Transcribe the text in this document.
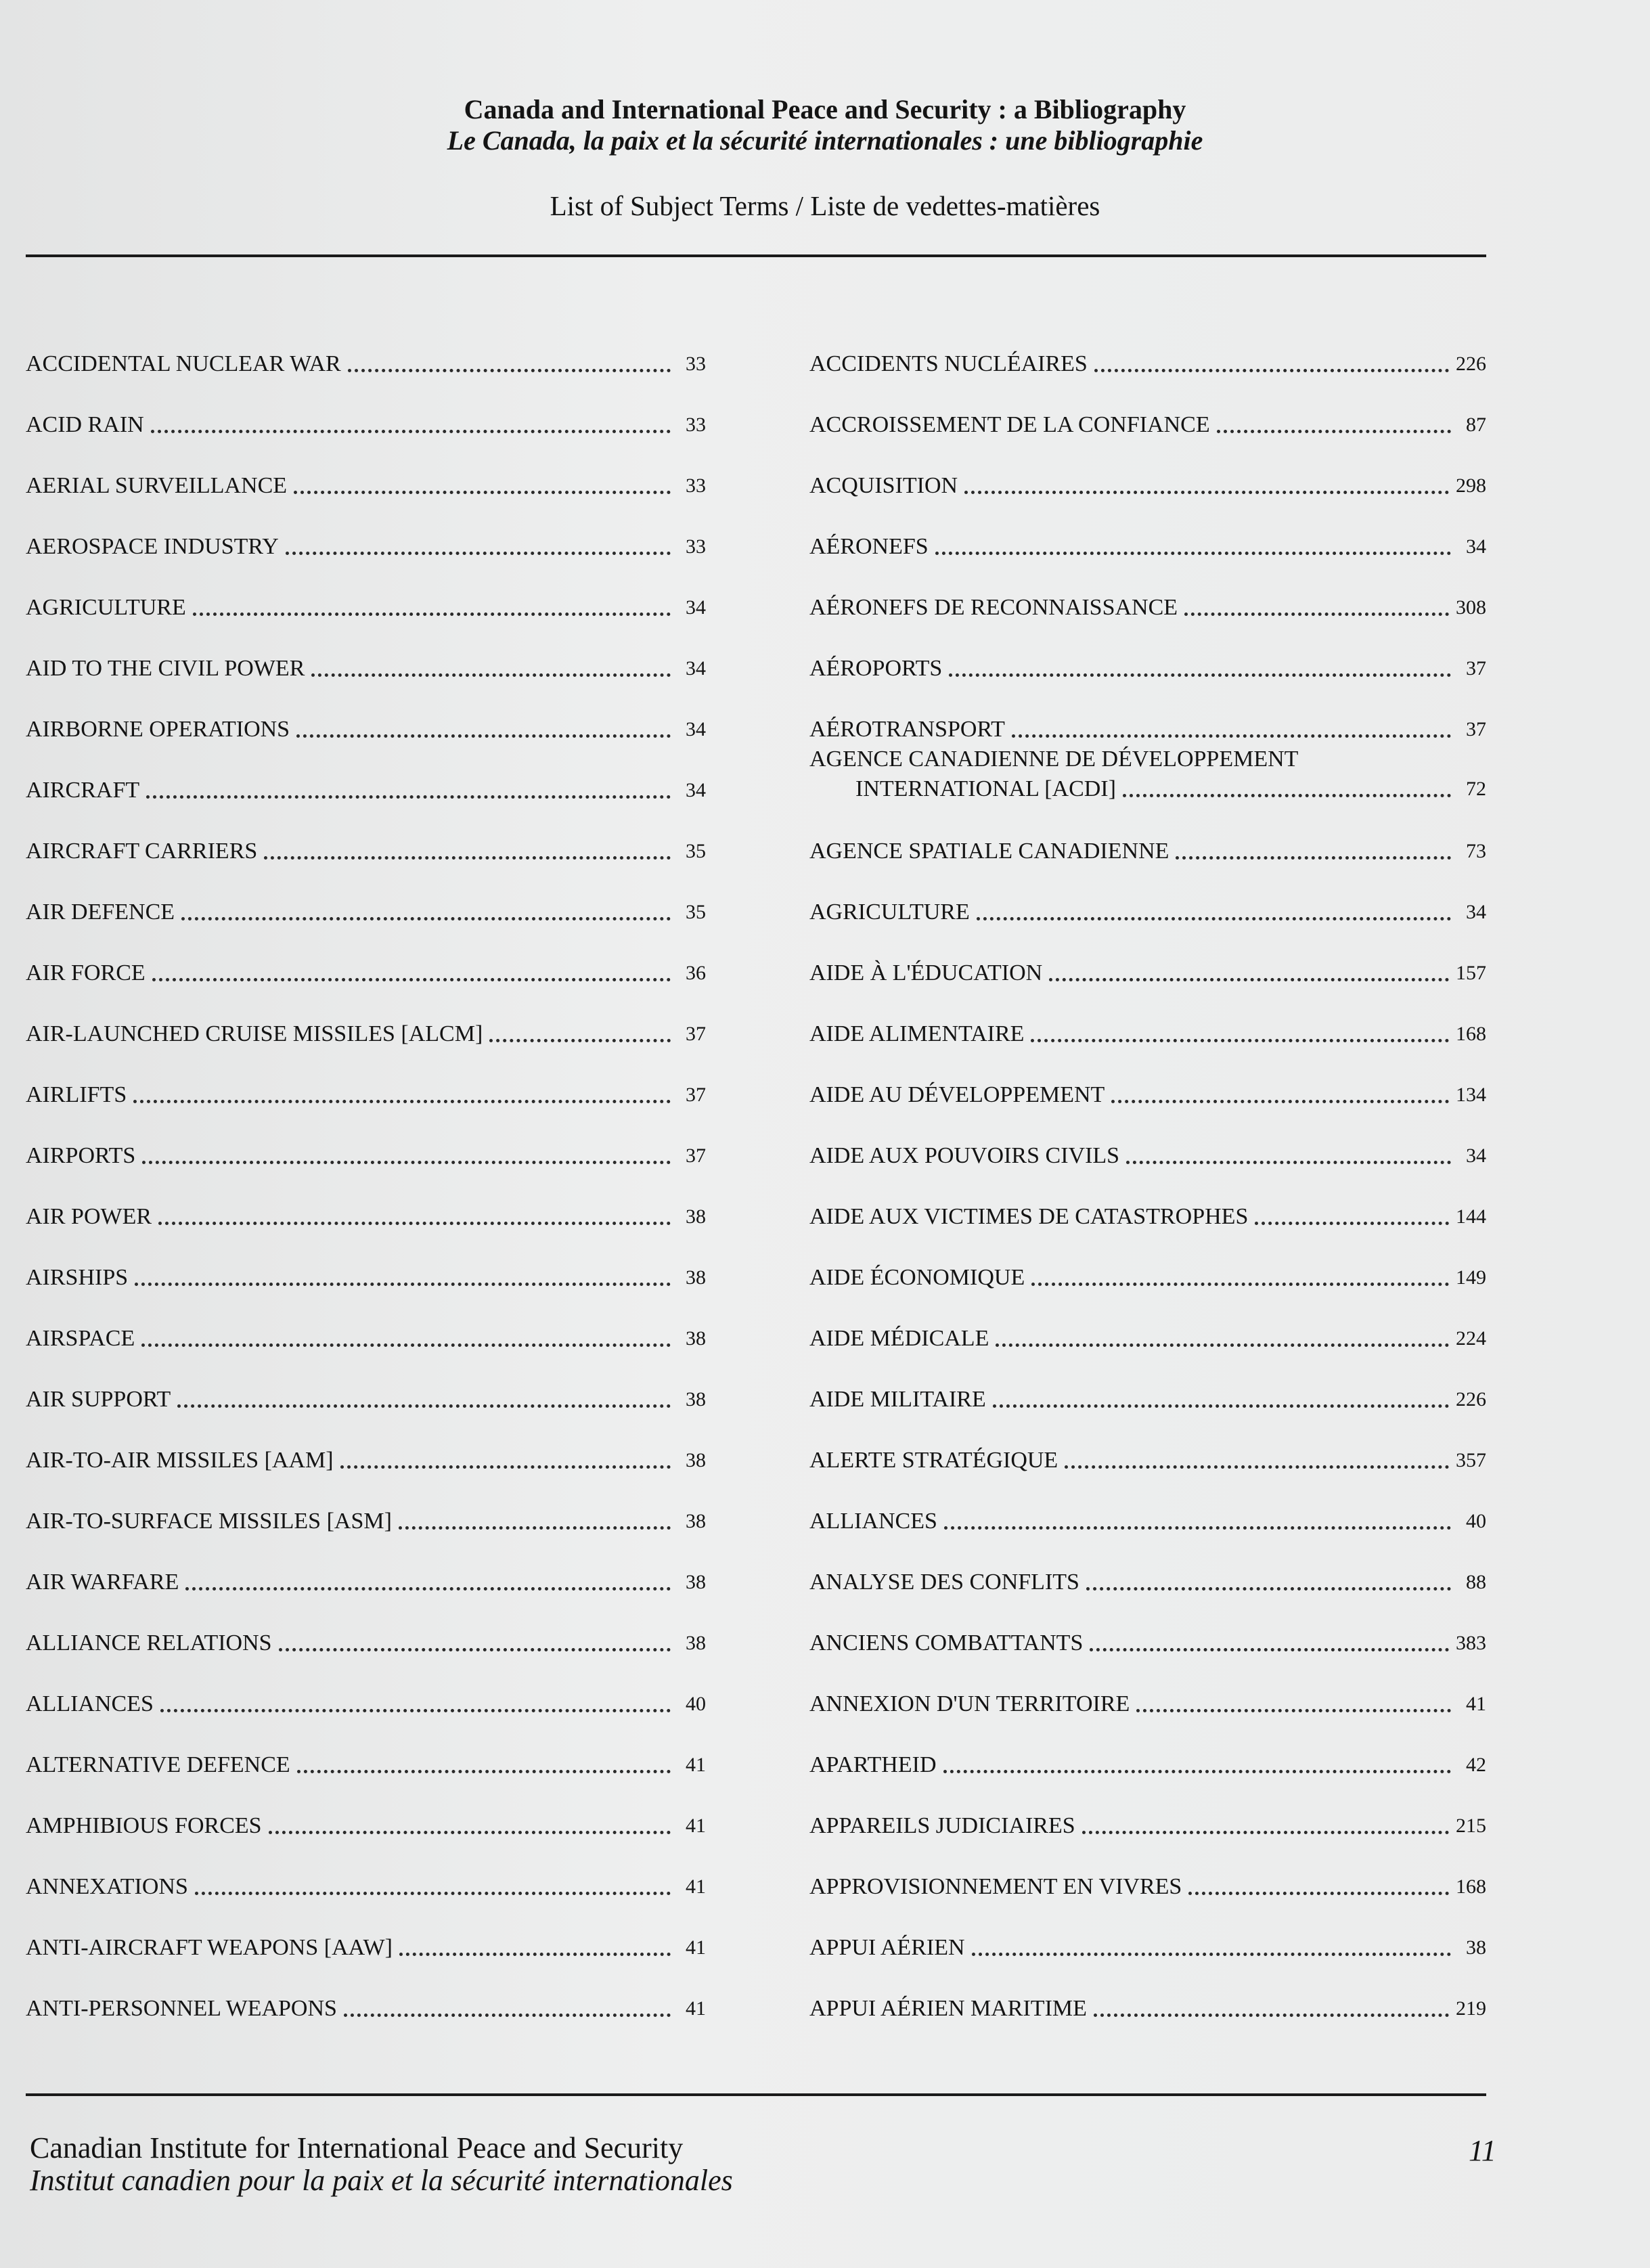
Canada and International Peace and Security : a Bibliography
Le Canada, la paix et la sécurité internationales : une bibliographie
List of Subject Terms / Liste de vedettes-matières
ACCIDENTAL NUCLEAR WAR	33
ACID RAIN	33
AERIAL SURVEILLANCE	33
AEROSPACE INDUSTRY	33
AGRICULTURE	34
AID TO THE CIVIL POWER	34
AIRBORNE OPERATIONS	34
AIRCRAFT	34
AIRCRAFT CARRIERS	35
AIR DEFENCE	35
AIR FORCE	36
AIR-LAUNCHED CRUISE MISSILES [ALCM]	37
AIRLIFTS	37
AIRPORTS	37
AIR POWER	38
AIRSHIPS	38
AIRSPACE	38
AIR SUPPORT	38
AIR-TO-AIR MISSILES [AAM]	38
AIR-TO-SURFACE MISSILES [ASM]	38
AIR WARFARE	38
ALLIANCE RELATIONS	38
ALLIANCES	40
ALTERNATIVE DEFENCE	41
AMPHIBIOUS FORCES	41
ANNEXATIONS	41
ANTI-AIRCRAFT WEAPONS [AAW]	41
ANTI-PERSONNEL WEAPONS	41
ACCIDENTS NUCLÉAIRES	226
ACCROISSEMENT DE LA CONFIANCE	87
ACQUISITION	298
AÉRONEFS	34
AÉRONEFS DE RECONNAISSANCE	308
AÉROPORTS	37
AÉROTRANSPORT	37
AGENCE CANADIENNE DE DÉVELOPPEMENT
INTERNATIONAL [ACDI]	72
AGENCE SPATIALE CANADIENNE	73
AGRICULTURE	34
AIDE À L'ÉDUCATION	157
AIDE ALIMENTAIRE	168
AIDE AU DÉVELOPPEMENT	134
AIDE AUX POUVOIRS CIVILS	34
AIDE AUX VICTIMES DE CATASTROPHES	144
AIDE ÉCONOMIQUE	149
AIDE MÉDICALE	224
AIDE MILITAIRE	226
ALERTE STRATÉGIQUE	357
ALLIANCES	40
ANALYSE DES CONFLITS	88
ANCIENS COMBATTANTS	383
ANNEXION D'UN TERRITOIRE	41
APARTHEID	42
APPAREILS JUDICIAIRES	215
APPROVISIONNEMENT EN VIVRES	168
APPUI AÉRIEN	38
APPUI AÉRIEN MARITIME	219
Canadian Institute for International Peace and Security
Institut canadien pour la paix et la sécurité internationales
11
